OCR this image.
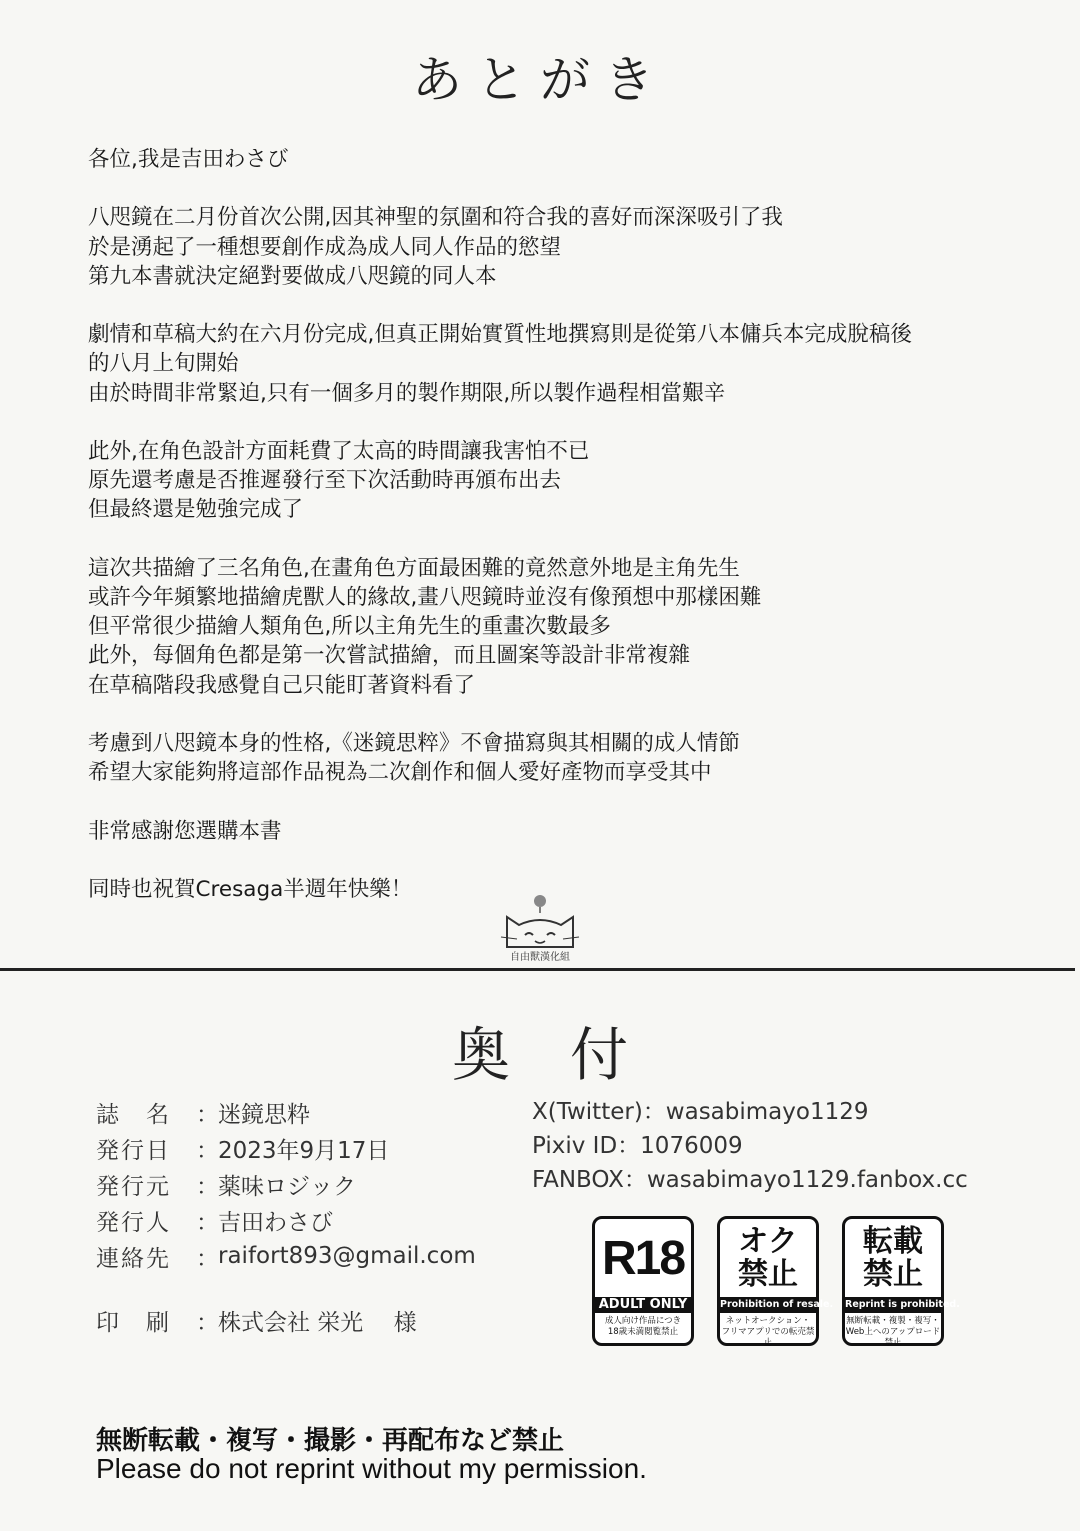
あとがき
各位,我是吉田わさび
八咫鏡在二月份首次公開,因其神聖的氛圍和符合我的喜好而深深吸引了我
於是湧起了一種想要創作成為成人同人作品的慾望
第九本書就決定絕對要做成八咫鏡的同人本
劇情和草稿大約在六月份完成,但真正開始實質性地撰寫則是從第八本傭兵本完成脫稿後
的八月上旬開始
由於時間非常緊迫,只有一個多月的製作期限,所以製作過程相當艱辛
此外,在角色設計方面耗費了太高的時間讓我害怕不已
原先還考慮是否推遲發行至下次活動時再頒布出去
但最終還是勉強完成了
這次共描繪了三名角色,在畫角色方面最困難的竟然意外地是主角先生
或許今年頻繁地描繪虎獸人的緣故,畫八咫鏡時並沒有像預想中那樣困難
但平常很少描繪人類角色,所以主角先生的重畫次數最多
此外，每個角色都是第一次嘗試描繪，而且圖案等設計非常複雜
在草稿階段我感覺自己只能盯著資料看了
考慮到八咫鏡本身的性格,《迷鏡思粹》不會描寫與其相關的成人情節
希望大家能夠將這部作品視為二次創作和個人愛好產物而享受其中
非常感謝您選購本書
同時也祝賀Cresaga半週年快樂！
自由獸漢化組
奥 付
誌　名	： 迷鏡思粋
発行日	： 2023年9月17日
発行元	： 薬味ロジック
発行人	： 吉田わさび
連絡先	： raifort893@gmail.com
印　刷	： 株式会社 栄光　 様
X(Twitter)：wasabimayo1129
Pixiv ID：1076009
FANBOX：wasabimayo1129.fanbox.cc
R18
ADULT ONLY
成人向け作品につき
18歳未満閲覧禁止
オク
禁止
Prohibition of resale.
ネットオークション・
フリマアプリでの転売禁止
転載
禁止
Reprint is prohibited.
無断転載・複製・複写・
Web上へのアップロード禁止
無断転載・複写・撮影・再配布など禁止
Please do not reprint without my permission.
